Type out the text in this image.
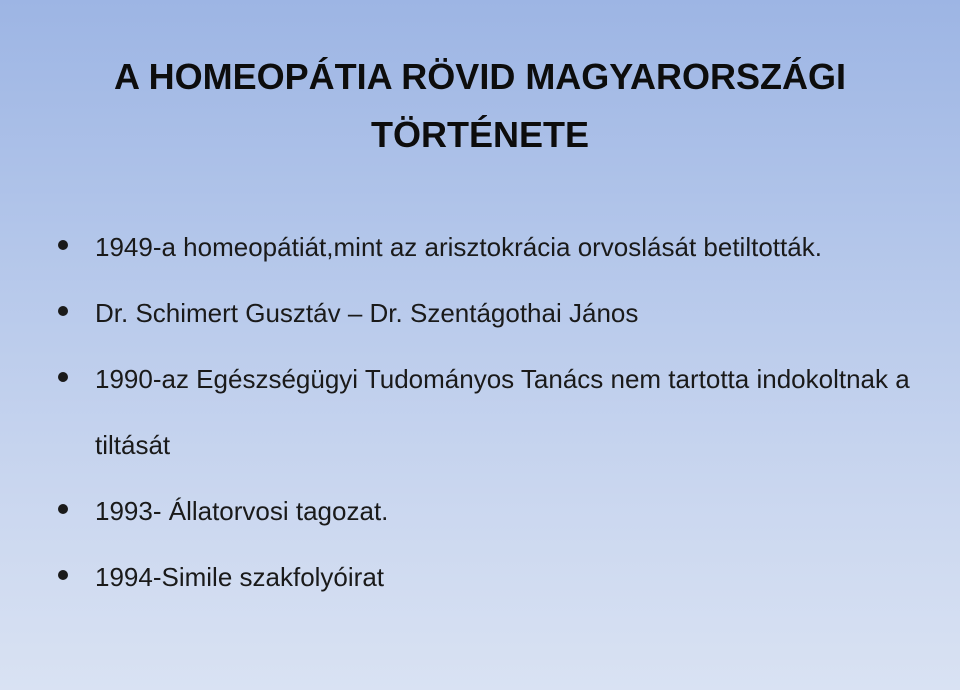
A HOMEOPÁTIA RÖVID MAGYARORSZÁGI
TÖRTÉNETE
1949-a homeopátiát,mint az arisztokrácia orvoslását betiltották.
Dr. Schimert Gusztáv – Dr. Szentágothai János
1990-az Egészségügyi Tudományos Tanács nem tartotta indokoltnak a tiltását
1993- Állatorvosi tagozat.
1994-Simile szakfolyóirat
